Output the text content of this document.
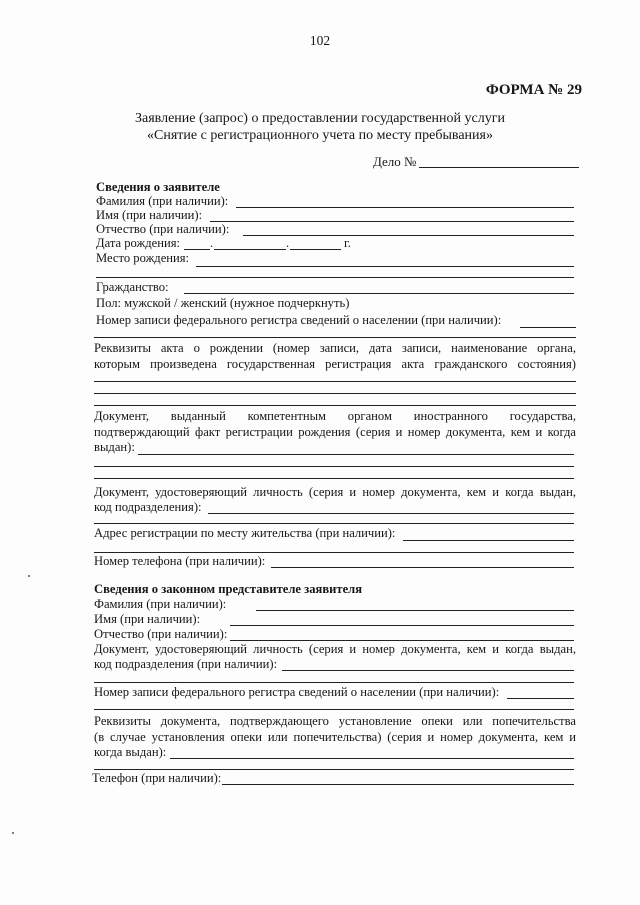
102
ФОРМА № 29
Заявление (запрос) о предоставлении государственной услуги
«Снятие с регистрационного учета по месту пребывания»
Дело №
Сведения о заявителе
Фамилия (при наличии):
Имя (при наличии):
Отчество (при наличии):
Дата рождения: .	.	г.
Место рождения:
Гражданство:
Пол: мужской / женский (нужное подчеркнуть)
Номер записи федерального регистра сведений о населении (при наличии):
Реквизиты акта о рождении (номер записи, дата записи, наименование органа,
которым произведена государственная регистрация акта гражданского состояния)
Документ, выданный компетентным органом иностранного государства,
подтверждающий факт регистрации рождения (серия и номер документа, кем и когда
выдан):
Документ, удостоверяющий личность (серия и номер документа, кем и когда выдан,
код подразделения):
Адрес регистрации по месту жительства (при наличии):
Номер телефона (при наличии):
Сведения о законном представителе заявителя
Фамилия (при наличии):
Имя (при наличии):
Отчество (при наличии):
Документ, удостоверяющий личность (серия и номер документа, кем и когда выдан,
код подразделения (при наличии):
Номер записи федерального регистра сведений о населении (при наличии):
Реквизиты документа, подтверждающего установление опеки или попечительства
(в случае установления опеки или попечительства) (серия и номер документа, кем и
когда выдан):
Телефон (при наличии):
